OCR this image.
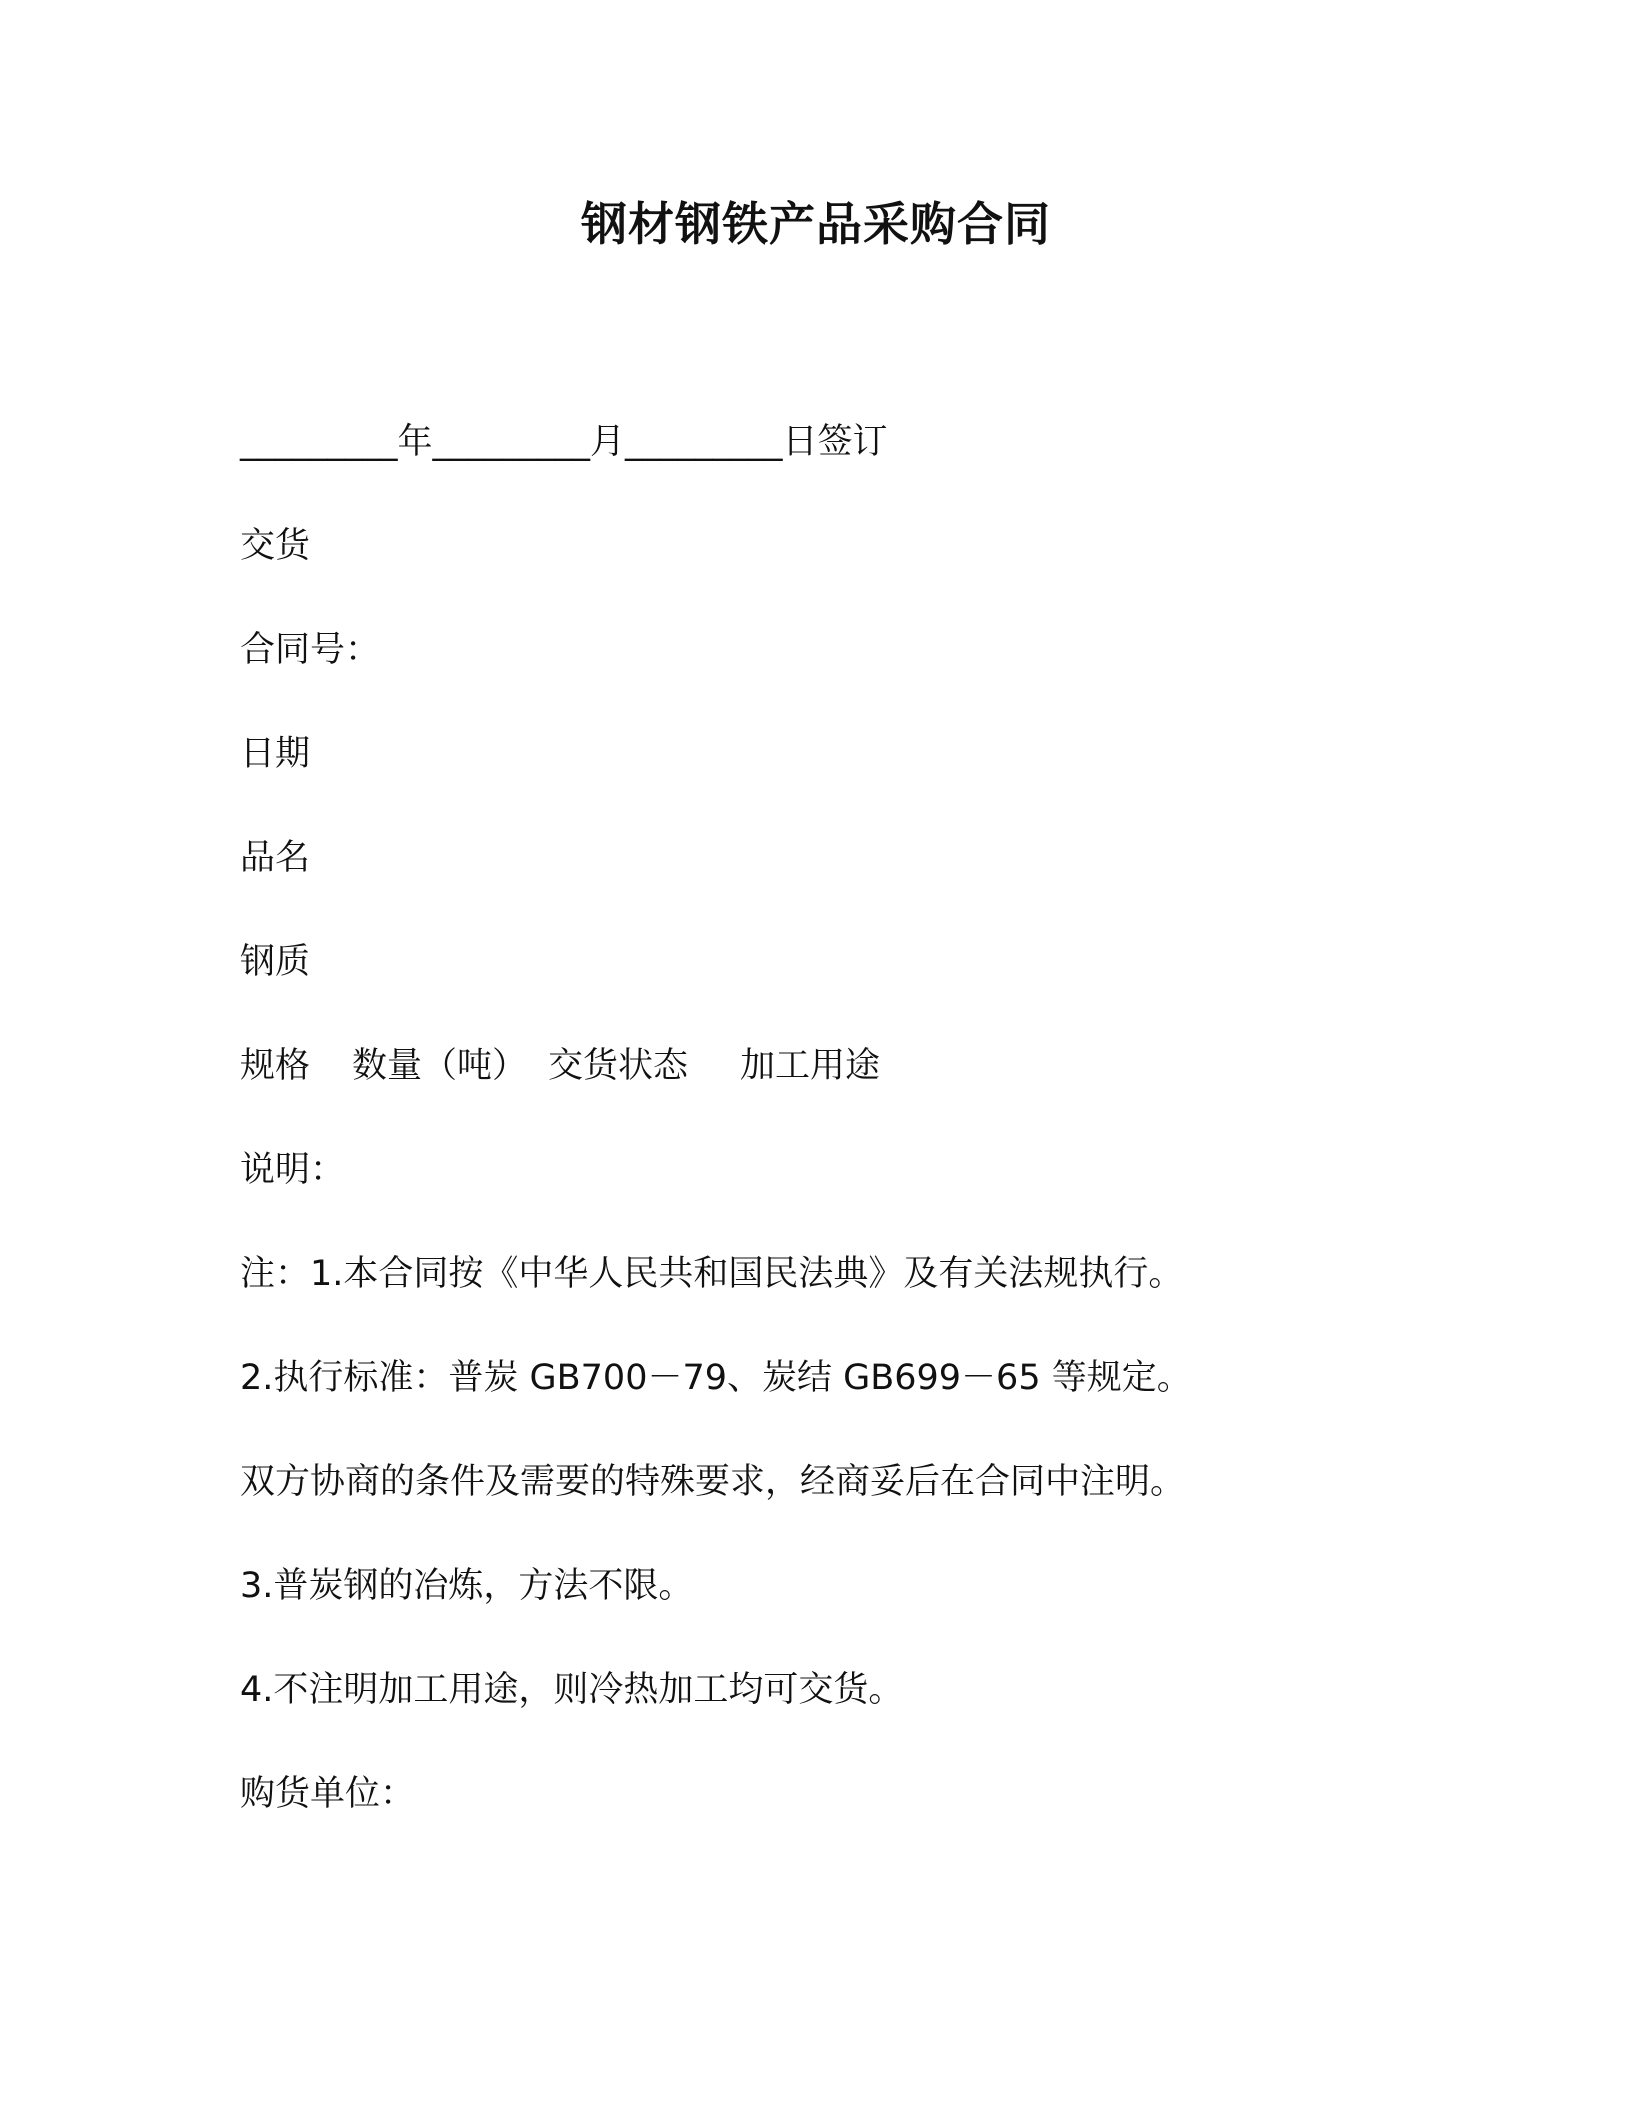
钢材钢铁产品采购合同
_________年_________月_________日签订
交货
合同号：
日期
品名
钢质
规格 数量（吨） 交货状态 加工用途
说明：
注：1.本合同按《中华人民共和国民法典》及有关法规执行。
2.执行标准：普炭 GB700－79、炭结 GB699－65 等规定。
双方协商的条件及需要的特殊要求，经商妥后在合同中注明。
3.普炭钢的冶炼，方法不限。
4.不注明加工用途，则冷热加工均可交货。
购货单位：
